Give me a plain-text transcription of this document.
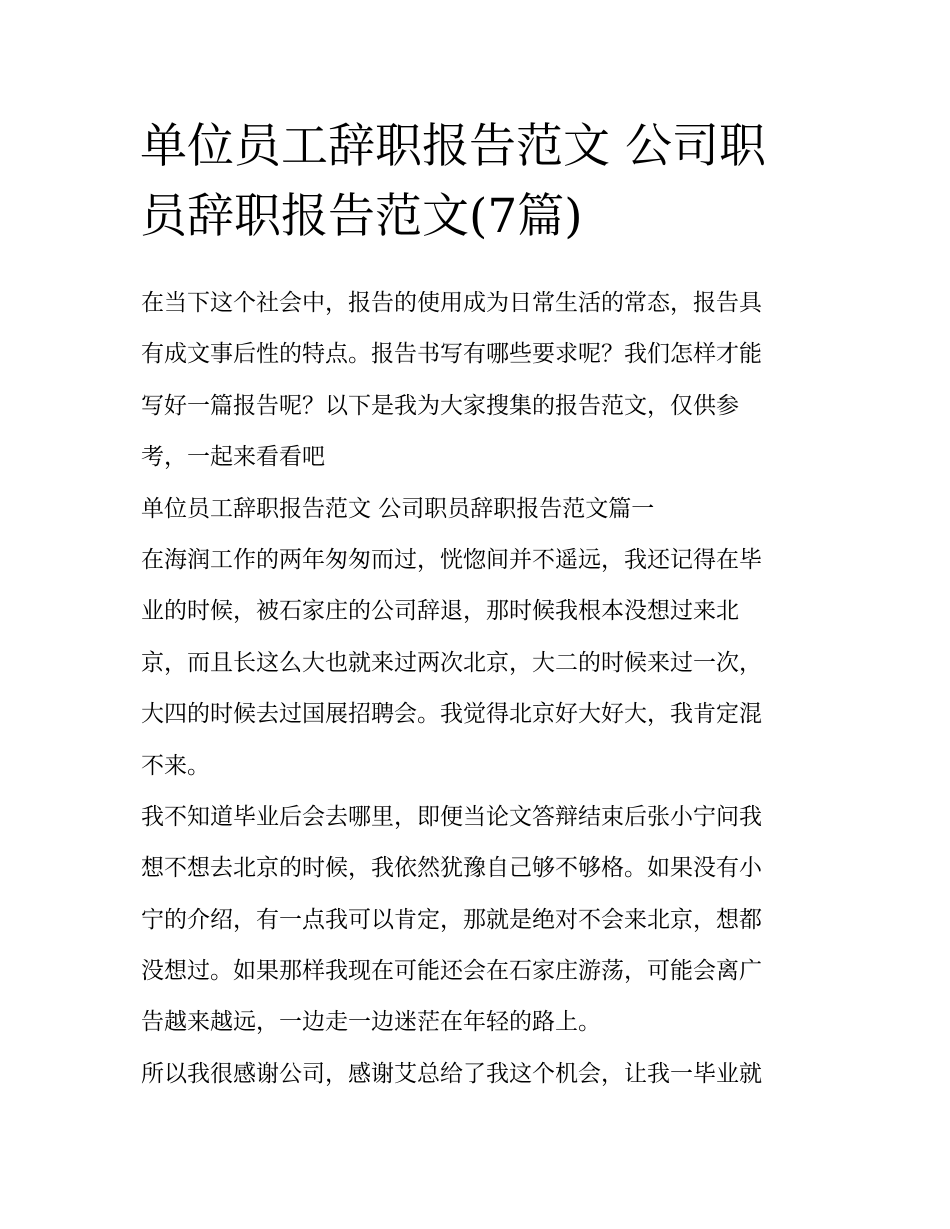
单位员工辞职报告范文 公司职
员辞职报告范文(7篇)

在当下这个社会中，报告的使用成为日常生活的常态，报告具
有成文事后性的特点。报告书写有哪些要求呢？我们怎样才能
写好一篇报告呢？以下是我为大家搜集的报告范文，仅供参
考，一起来看看吧

单位员工辞职报告范文 公司职员辞职报告范文篇一

在海润工作的两年匆匆而过，恍惚间并不遥远，我还记得在毕
业的时候，被石家庄的公司辞退，那时候我根本没想过来北
京，而且长这么大也就来过两次北京，大二的时候来过一次，
大四的时候去过国展招聘会。我觉得北京好大好大，我肯定混
不来。

我不知道毕业后会去哪里，即便当论文答辩结束后张小宁问我
想不想去北京的时候，我依然犹豫自己够不够格。如果没有小
宁的介绍，有一点我可以肯定，那就是绝对不会来北京，想都
没想过。如果那样我现在可能还会在石家庄游荡，可能会离广
告越来越远，一边走一边迷茫在年轻的路上。

所以我很感谢公司，感谢艾总给了我这个机会，让我一毕业就
